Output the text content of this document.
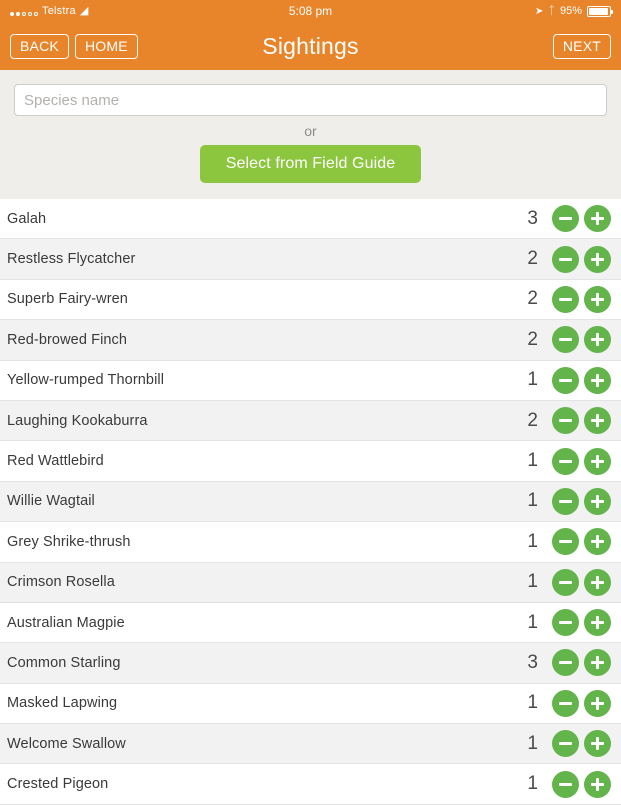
Telstra ◢	5:08 pm	➤ ᛏ 95%
BACK	HOME	Sightings	NEXT
Species name
or
Select from Field Guide
Galah	3
Restless Flycatcher	2
Superb Fairy-wren	2
Red-browed Finch	2
Yellow-rumped Thornbill	1
Laughing Kookaburra	2
Red Wattlebird	1
Willie Wagtail	1
Grey Shrike-thrush	1
Crimson Rosella	1
Australian Magpie	1
Common Starling	3
Masked Lapwing	1
Welcome Swallow	1
Crested Pigeon	1
